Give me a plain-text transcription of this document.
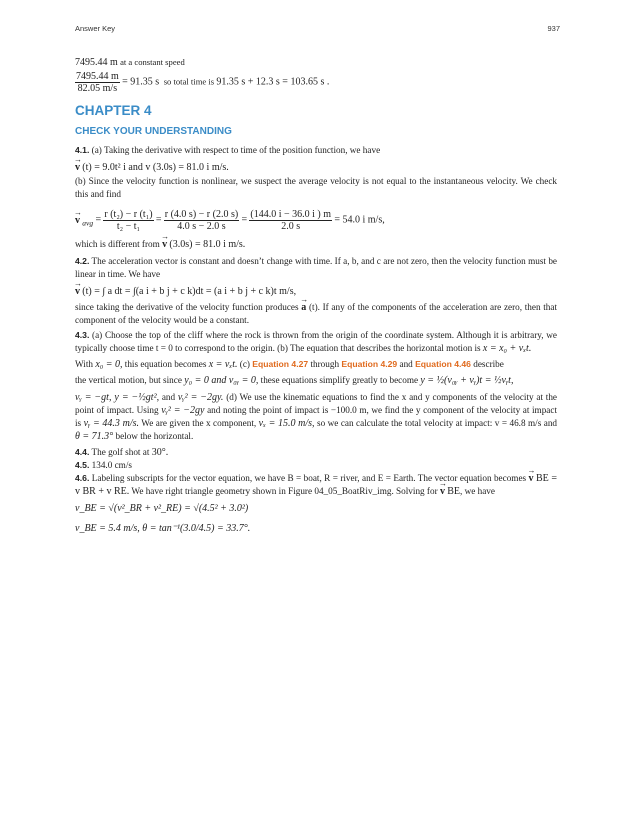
Answer Key	937
7495.44 m at a constant speed
$\frac{7495.44 m}{82.05 m/s} = 91.35$ s so total time is 91.35 s + 12.3 s = 103.65 s .
CHAPTER 4
CHECK YOUR UNDERSTANDING

4.1. (a) Taking the derivative with respect to time of the position function, we have

→ v (t) = 9.0t² i and v (3.0s) = 81.0 i m/s.

(b) Since the velocity function is nonlinear, we suspect the average velocity is not equal to the instantaneous velocity. We check this and find

→ v $_{avg} = \frac{\text{r (t₂) − r (t₁)}}{\text{t₂ − t₁}} = \frac{r (4.0 s) - r (2.0 s)}{4.0 s - 2.0 s} = \frac{(144.0 i - 36.0 i ) m}{2.0 s} = 54.0$ i m/s,
which is different from → v (3.0s) = 81.0 i m/s.

4.2. The acceleration vector is constant and doesn’t change with time. If a, b, and c are not zero, then the velocity function must be linear in time. We have

→ v (t) = ∫ a dt = ∫(a i + b j + c k)dt = (a i + b j + c k)t m/s,

since taking the derivative of the velocity function produces → a (t). If any of the components of the acceleration are zero, then that component of the velocity would be a constant.

4.3. (a) Choose the top of the cliff where the rock is thrown from the origin of the coordinate system. Although it is arbitrary, we typically choose time t = 0 to correspond to the origin. (b) The equation that describes the horizontal motion is x = x₀ + vₓt.

With x₀ = 0, this equation becomes x = vₓt. (c) Equation 4.27 through Equation 4.29 and Equation 4.46 describe

the vertical motion, but since y₀ = 0 and v₀ᵧ = 0, these equations simplify greatly to become y = ½(v₀ᵧ + vᵧ)t = ½vᵧt,

vᵧ = −gt, y = −½gt², and vᵧ² = −2gy. (d) We use the kinematic equations to find the x and y components of the velocity at the point of impact. Using vᵧ² = −2gy and noting the point of impact is −100.0 m, we find the y component of the velocity at impact is vᵧ = 44.3 m/s. We are given the x component, vₓ = 15.0 m/s, so we can calculate the total velocity at impact: v = 46.8 m/s and θ = 71.3° below the horizontal.

4.4. The golf shot at 30°.

4.5. 134.0 cm/s

4.6. Labeling subscripts for the vector equation, we have B = boat, R = river, and E = Earth. The vector equation becomes → v BE = v BR + v RE. We have right triangle geometry shown in Figure 04_05_BoatRiv_img. Solving for → v BE, we have

v_BE = √(v²_BR + v²_RE) = √(4.5² + 3.0²)
v_BE = 5.4 m/s, θ = tan⁻¹(3.0/4.5) = 33.7°.
